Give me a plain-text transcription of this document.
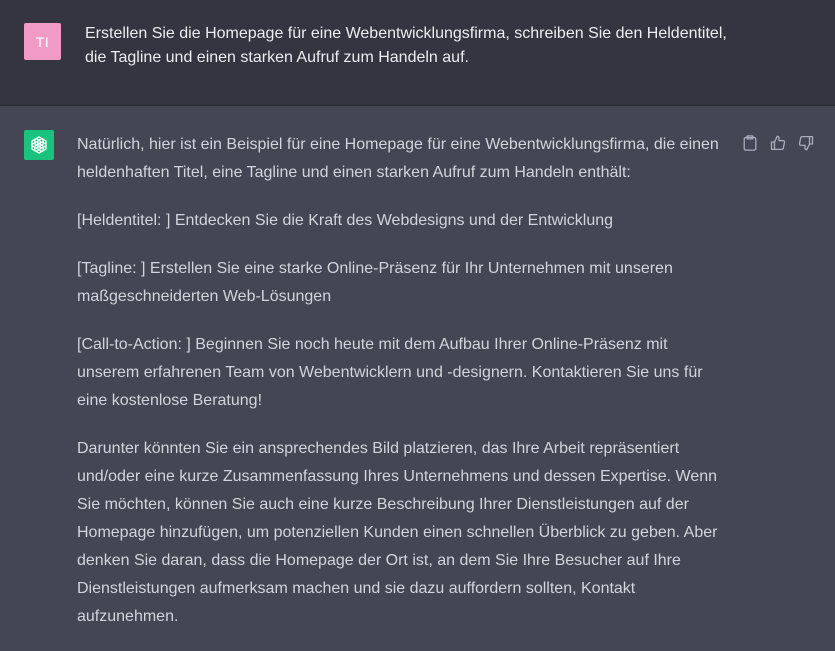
TI	Erstellen Sie die Homepage für eine Webentwicklungsfirma, schreiben Sie den Heldentitel, die Tagline und einen starken Aufruf zum Handeln auf.

Natürlich, hier ist ein Beispiel für eine Homepage für eine Webentwicklungsfirma, die einen heldenhaften Titel, eine Tagline und einen starken Aufruf zum Handeln enthält:

[Heldentitel: ] Entdecken Sie die Kraft des Webdesigns und der Entwicklung

[Tagline: ] Erstellen Sie eine starke Online-Präsenz für Ihr Unternehmen mit unseren maßgeschneiderten Web-Lösungen

[Call-to-Action: ] Beginnen Sie noch heute mit dem Aufbau Ihrer Online-Präsenz mit unserem erfahrenen Team von Webentwicklern und -designern. Kontaktieren Sie uns für eine kostenlose Beratung!

Darunter könnten Sie ein ansprechendes Bild platzieren, das Ihre Arbeit repräsentiert und/oder eine kurze Zusammenfassung Ihres Unternehmens und dessen Expertise. Wenn Sie möchten, können Sie auch eine kurze Beschreibung Ihrer Dienstleistungen auf der Homepage hinzufügen, um potenziellen Kunden einen schnellen Überblick zu geben. Aber denken Sie daran, dass die Homepage der Ort ist, an dem Sie Ihre Besucher auf Ihre Dienstleistungen aufmerksam machen und sie dazu auffordern sollten, Kontakt aufzunehmen.
